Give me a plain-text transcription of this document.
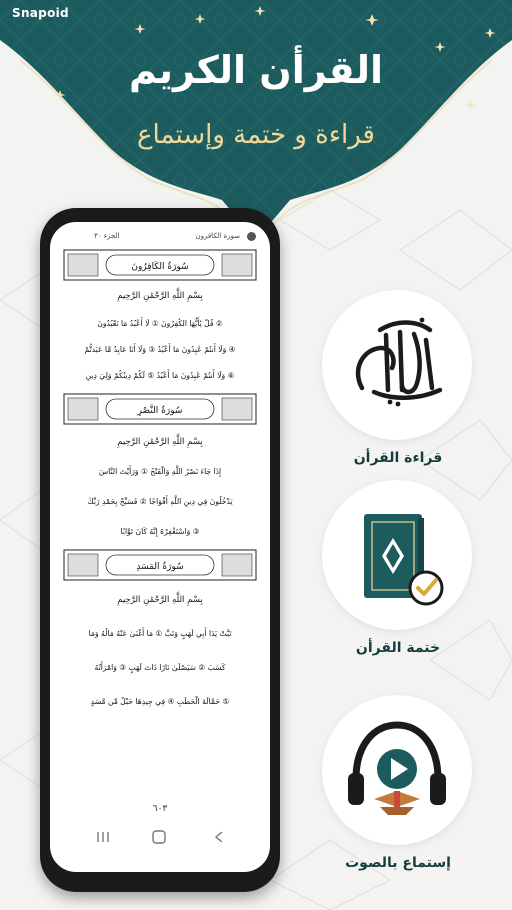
Snapoid
القرأن الكريم
قراءة و ختمة وإستماع
سورة الكافرون
الجزء ٣٠
سُورَةُ الكَافِرُونَ
بِسْمِ اللَّهِ الرَّحْمَٰنِ الرَّحِيمِ
قُلْ يَٰأَيُّهَا الكَٰفِرُونَ ① لَا أَعْبُدُ مَا تَعْبُدُونَ ②
وَلَا أَنتُمْ عَٰبِدُونَ مَا أَعْبُدُ ③ وَلَا أَنَا عَابِدٌ مَّا عَبَدتُّمْ ④
وَلَا أَنتُمْ عَٰبِدُونَ مَا أَعْبُدُ ⑤ لَكُمْ دِينُكُمْ وَلِيَ دِينِ ⑥
سُورَةُ النَّصْرِ
بِسْمِ اللَّهِ الرَّحْمَٰنِ الرَّحِيمِ
إِذَا جَاءَ نَصْرُ اللَّهِ وَالْفَتْحُ ① وَرَأَيْتَ النَّاسَ
يَدْخُلُونَ فِي دِينِ اللَّهِ أَفْوَاجًا ② فَسَبِّحْ بِحَمْدِ رَبِّكَ
وَاسْتَغْفِرْهُ إِنَّهُ كَانَ تَوَّابًا ③
سُورَةُ المَسَدِ
بِسْمِ اللَّهِ الرَّحْمَٰنِ الرَّحِيمِ
تَبَّتْ يَدَا أَبِي لَهَبٍ وَتَبَّ ① مَا أَغْنَىٰ عَنْهُ مَالُهُ وَمَا
كَسَبَ ② سَيَصْلَىٰ نَارًا ذَاتَ لَهَبٍ ③ وَامْرَأَتُهُ
حَمَّالَةَ الْحَطَبِ ④ فِي جِيدِهَا حَبْلٌ مِّن مَّسَدٍ ⑤
٦٠٣
قراءة القرأن
ختمة القرأن
إستماع بالصوت
